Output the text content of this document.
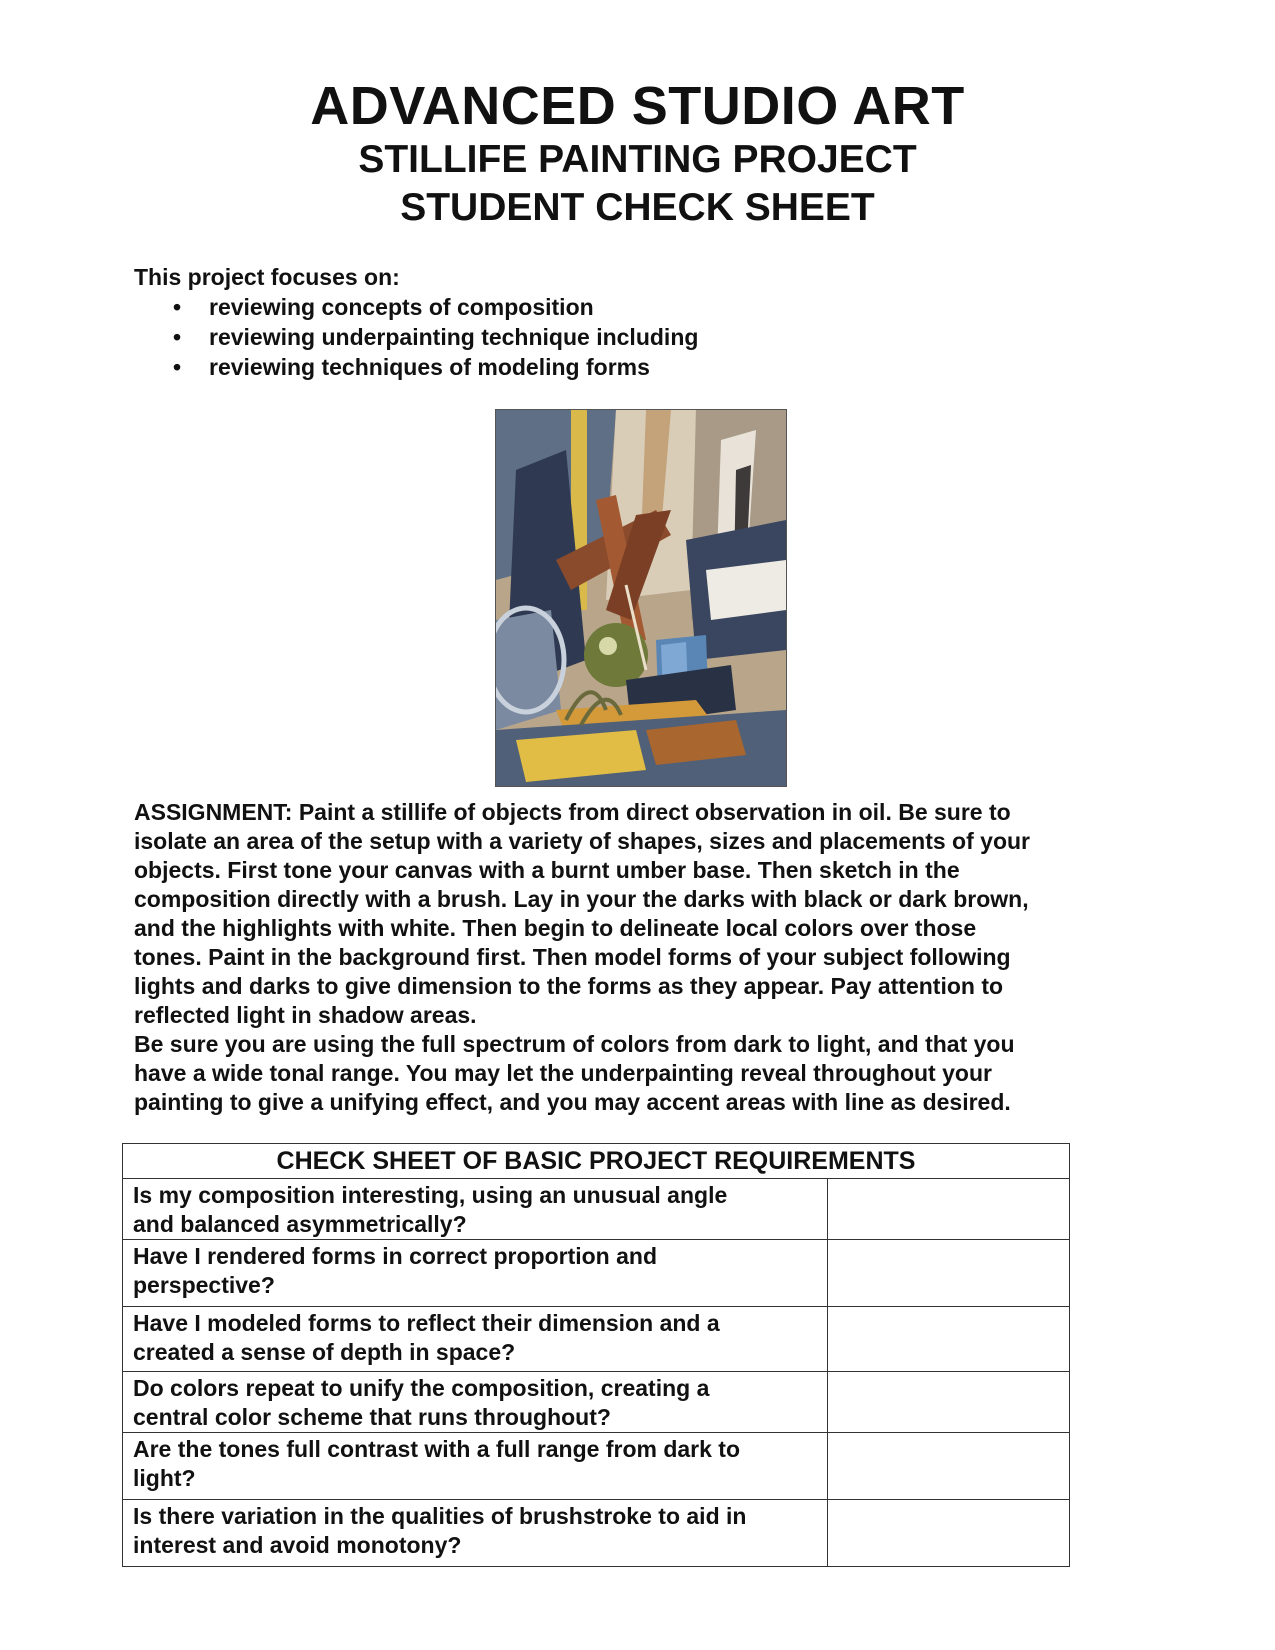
ADVANCED STUDIO ART
STILLIFE PAINTING PROJECT
STUDENT CHECK SHEET
This project focuses on:
• reviewing concepts of composition
• reviewing underpainting technique including
• reviewing techniques of modeling forms
ASSIGNMENT: Paint a stillife of objects from direct observation in oil. Be sure to
isolate an area of the setup with a variety of shapes, sizes and placements of your
objects. First tone your canvas with a burnt umber base. Then sketch in the
composition directly with a brush. Lay in your the darks with black or dark brown,
and the highlights with white. Then begin to delineate local colors over those
tones. Paint in the background first. Then model forms of your subject following
lights and darks to give dimension to the forms as they appear. Pay attention to
reflected light in shadow areas.
Be sure you are using the full spectrum of colors from dark to light, and that you
have a wide tonal range. You may let the underpainting reveal throughout your
painting to give a unifying effect, and you may accent areas with line as desired.
CHECK SHEET OF BASIC PROJECT REQUIREMENTS	
Is my composition interesting, using an unusual angle
and balanced asymmetrically?	
Have I rendered forms in correct proportion and
perspective?	
Have I modeled forms to reflect their dimension and a
created a sense of depth in space?	
Do colors repeat to unify the composition, creating a
central color scheme that runs throughout?	
Are the tones full contrast with a full range from dark to
light?	
Is there variation in the qualities of brushstroke to aid in
interest and avoid monotony?	
